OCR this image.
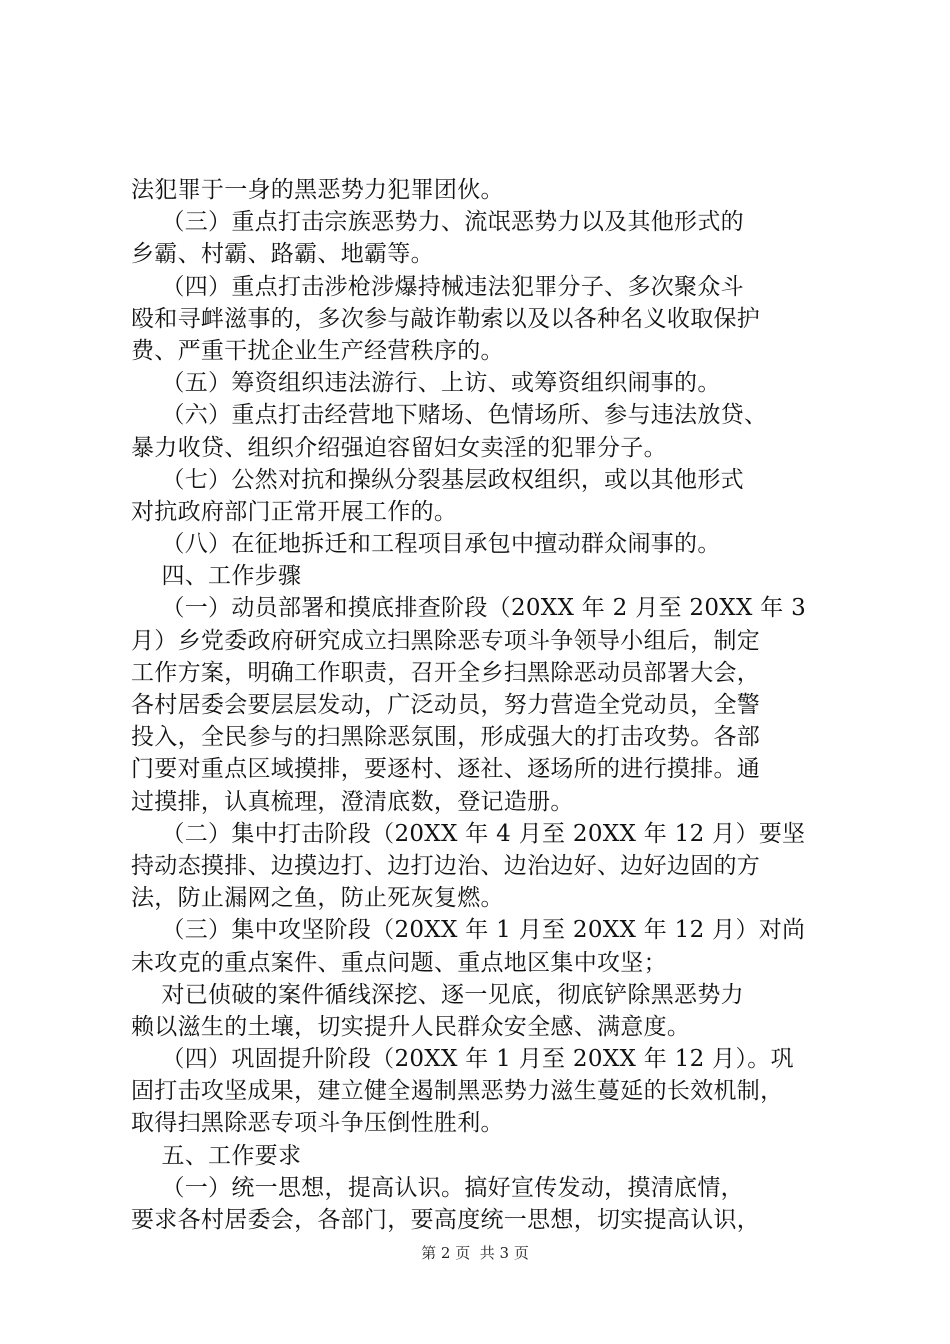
法犯罪于一身的黑恶势力犯罪团伙。
（三）重点打击宗族恶势力、流氓恶势力以及其他形式的
乡霸、村霸、路霸、地霸等。
（四）重点打击涉枪涉爆持械违法犯罪分子、多次聚众斗
殴和寻衅滋事的，多次参与敲诈勒索以及以各种名义收取保护
费、严重干扰企业生产经营秩序的。
（五）筹资组织违法游行、上访、或筹资组织闹事的。
（六）重点打击经营地下赌场、色情场所、参与违法放贷、
暴力收贷、组织介绍强迫容留妇女卖淫的犯罪分子。
（七）公然对抗和操纵分裂基层政权组织，或以其他形式
对抗政府部门正常开展工作的。
（八）在征地拆迁和工程项目承包中擅动群众闹事的。
四、工作步骤
（一）动员部署和摸底排查阶段（20XX 年 2 月至 20XX 年 3
月）乡党委政府研究成立扫黑除恶专项斗争领导小组后，制定
工作方案，明确工作职责，召开全乡扫黑除恶动员部署大会，
各村居委会要层层发动，广泛动员，努力营造全党动员，全警
投入，全民参与的扫黑除恶氛围，形成强大的打击攻势。各部
门要对重点区域摸排，要逐村、逐社、逐场所的进行摸排。通
过摸排，认真梳理，澄清底数，登记造册。
（二）集中打击阶段（20XX 年 4 月至 20XX 年 12 月）要坚
持动态摸排、边摸边打、边打边治、边治边好、边好边固的方
法，防止漏网之鱼，防止死灰复燃。
（三）集中攻坚阶段（20XX 年 1 月至 20XX 年 12 月）对尚
未攻克的重点案件、重点问题、重点地区集中攻坚；
对已侦破的案件循线深挖、逐一见底，彻底铲除黑恶势力
赖以滋生的土壤，切实提升人民群众安全感、满意度。
（四）巩固提升阶段（20XX 年 1 月至 20XX 年 12 月）。巩
固打击攻坚成果，建立健全遏制黑恶势力滋生蔓延的长效机制，
取得扫黑除恶专项斗争压倒性胜利。
五、工作要求
（一）统一思想，提高认识。搞好宣传发动，摸清底情，
要求各村居委会，各部门，要高度统一思想，切实提高认识，
第 2 页  共 3 页
